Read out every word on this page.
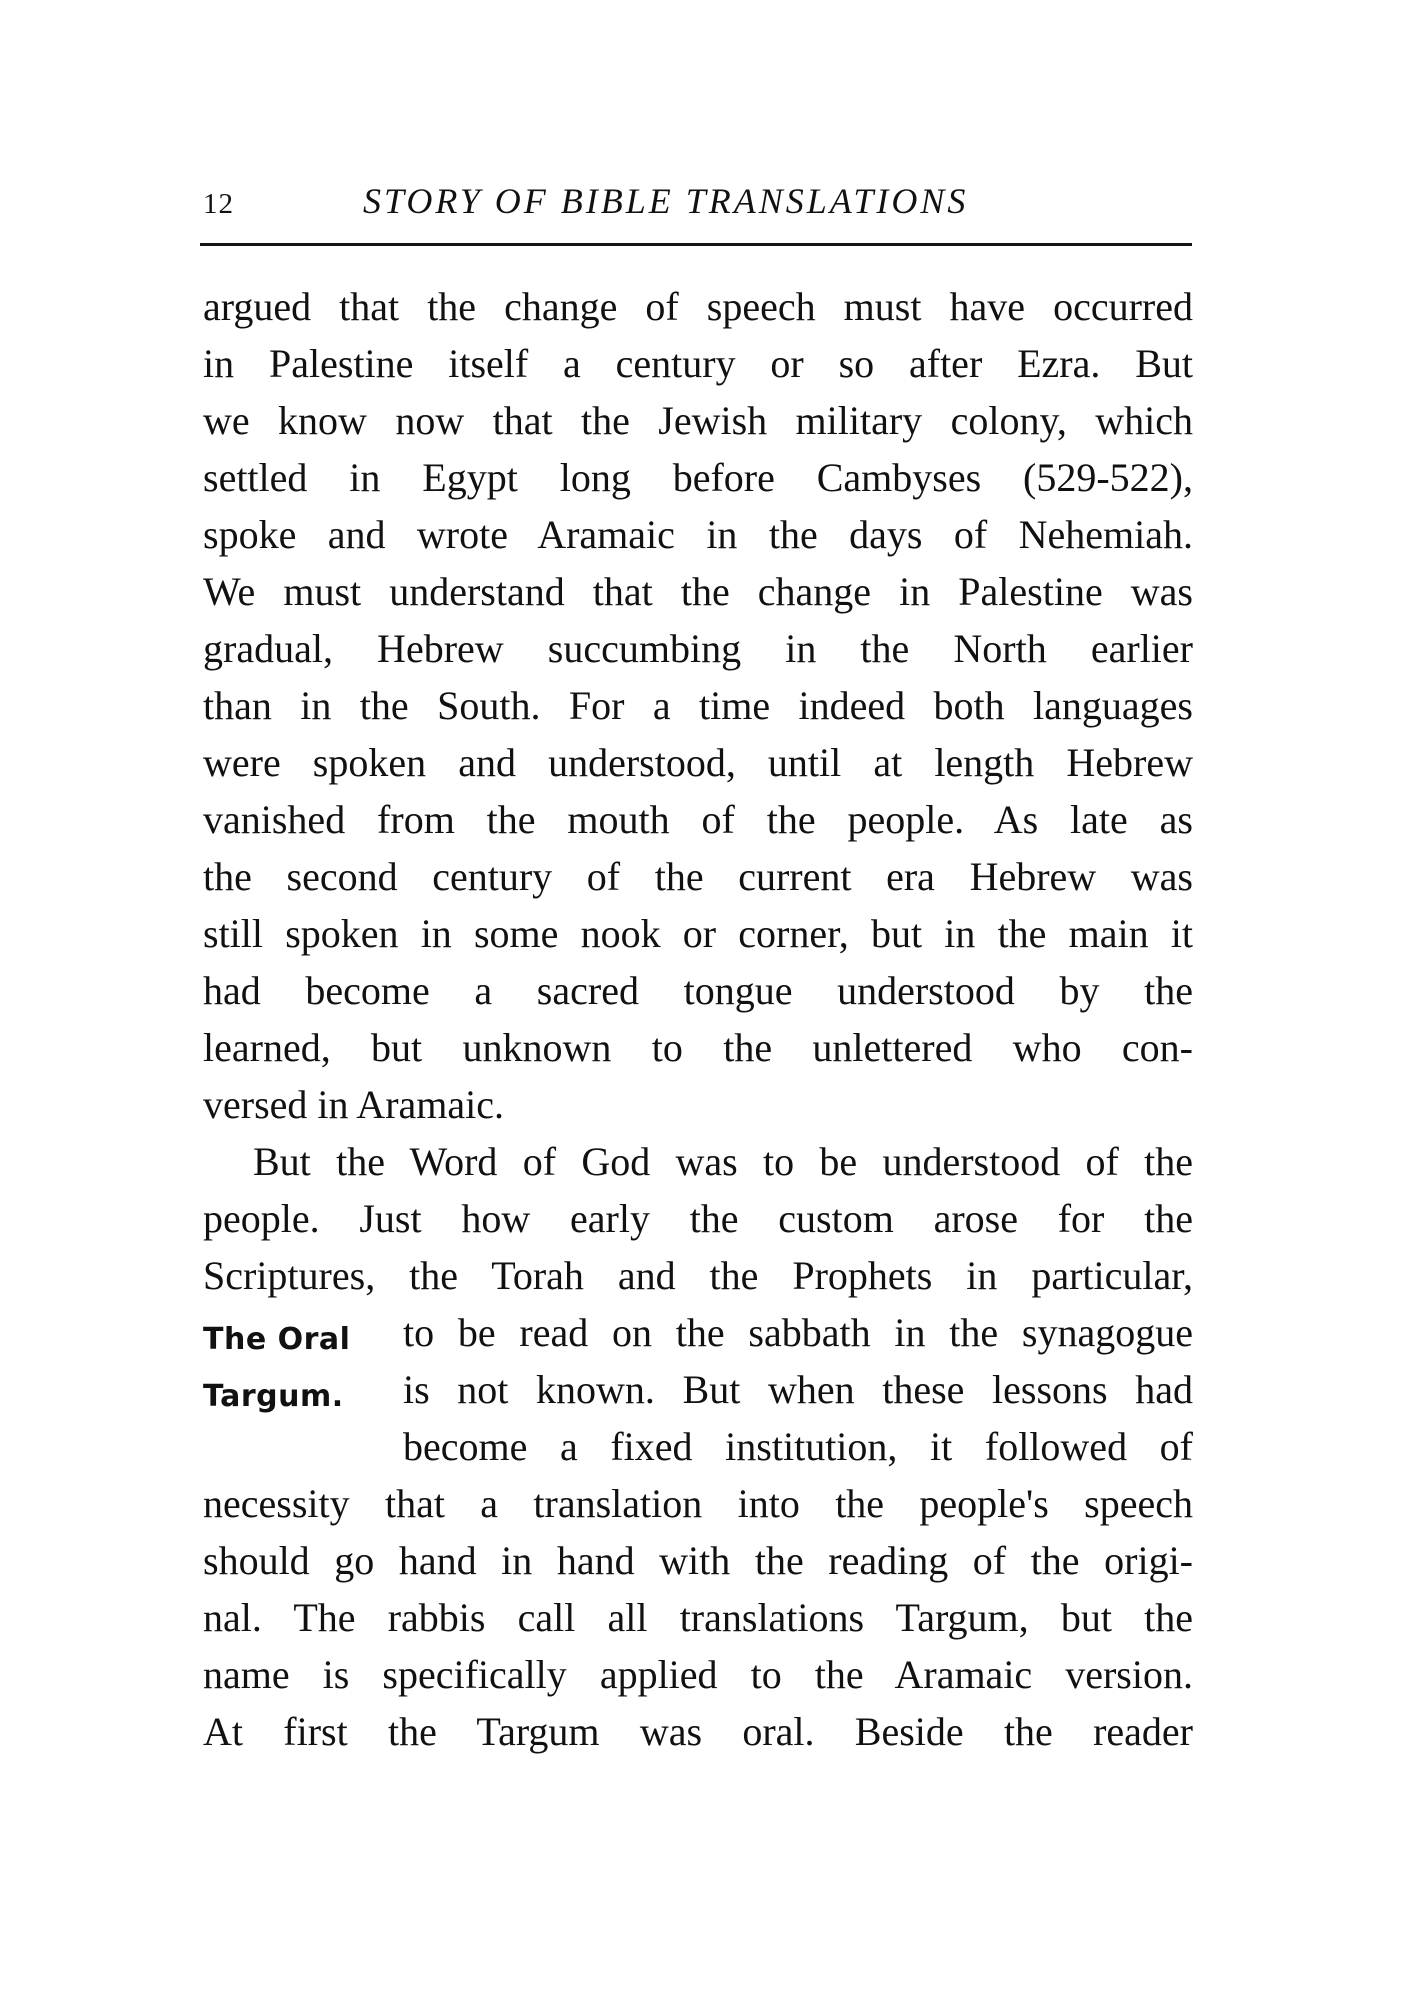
12	STORY OF BIBLE TRANSLATIONS
argued that the change of speech must have occurred
in Palestine itself a century or so after Ezra. But
we know now that the Jewish military colony, which
settled in Egypt long before Cambyses (529-522),
spoke and wrote Aramaic in the days of Nehemiah.
We must understand that the change in Palestine was
gradual, Hebrew succumbing in the North earlier
than in the South. For a time indeed both languages
were spoken and understood, until at length Hebrew
vanished from the mouth of the people. As late as
the second century of the current era Hebrew was
still spoken in some nook or corner, but in the main it
had become a sacred tongue understood by the
learned, but unknown to the unlettered who con-
versed in Aramaic.
But the Word of God was to be understood of the
people. Just how early the custom arose for the
Scriptures, the Torah and the Prophets in particular,
to be read on the sabbath in the synagogue
is not known. But when these lessons had
become a fixed institution, it followed of
necessity that a translation into the people's speech
should go hand in hand with the reading of the origi-
nal. The rabbis call all translations Targum, but the
name is specifically applied to the Aramaic version.
At first the Targum was oral. Beside the reader
The Oral
Targum.
